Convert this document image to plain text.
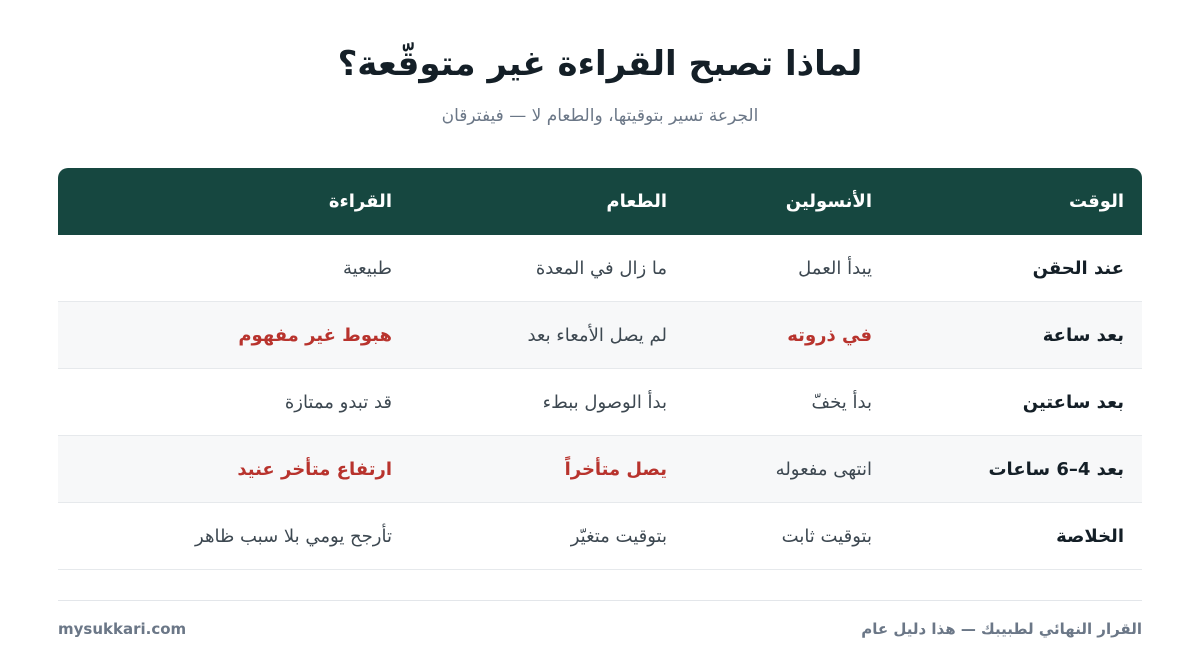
لماذا تصبح القراءة غير متوقّعة؟

الجرعة تسير بتوقيتها، والطعام لا — فيفترقان

الوقت
الأنسولين
الطعام
القراءة
عند الحقن
يبدأ العمل
ما زال في المعدة
طبيعية
بعد ساعة
في ذروته
لم يصل الأمعاء بعد
هبوط غير مفهوم
بعد ساعتين
بدأ يخفّ
بدأ الوصول ببطء
قد تبدو ممتازة
بعد 4–6 ساعات
انتهى مفعوله
يصل متأخراً
ارتفاع متأخر عنيد
الخلاصة
بتوقيت ثابت
بتوقيت متغيّر
تأرجح يومي بلا سبب ظاهر
القرار النهائي لطبيبك — هذا دليل عام
mysukkari.com
